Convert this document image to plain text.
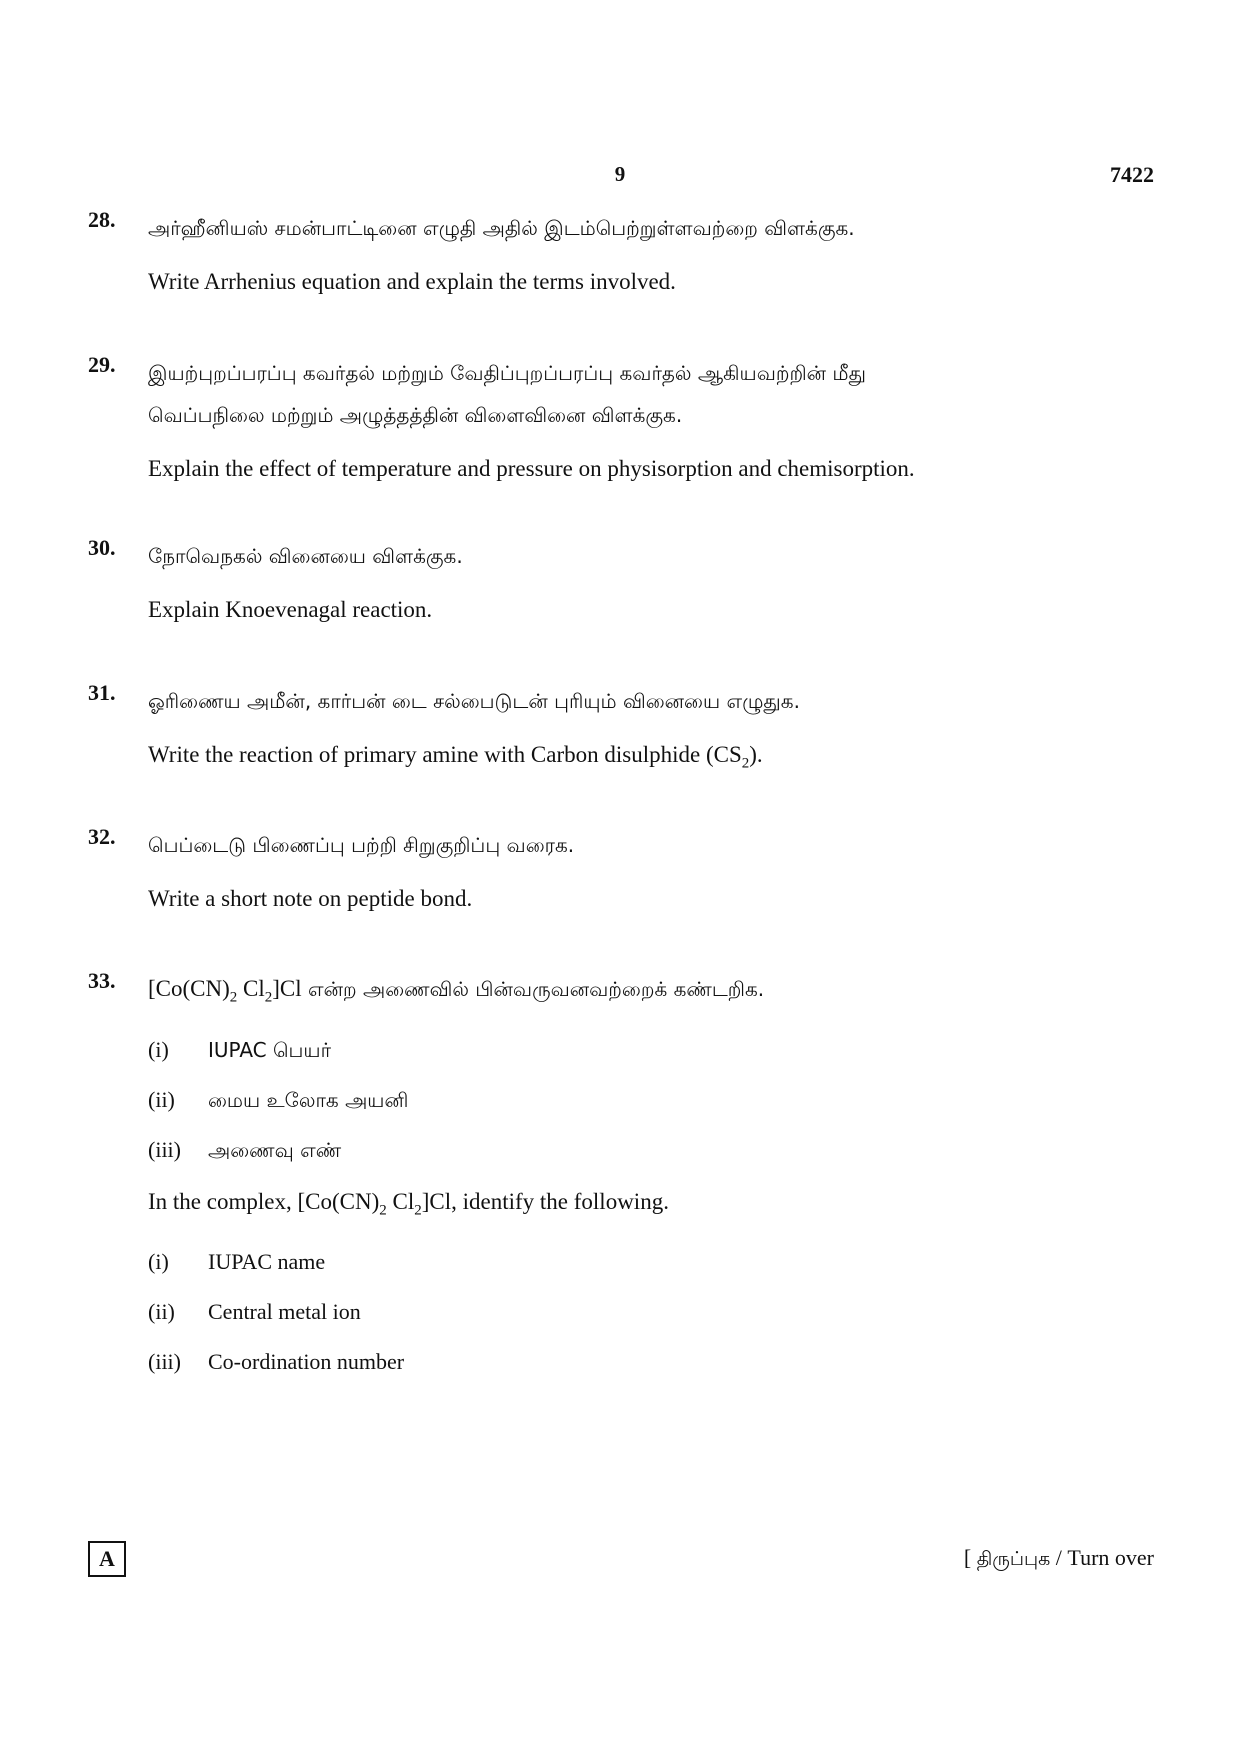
9	7422
28. அர்ஹீனியஸ் சமன்பாட்டினை எழுதி அதில் இடம்பெற்றுள்ளவற்றை விளக்குக.
Write Arrhenius equation and explain the terms involved.
29. இயற்புறப்பரப்பு கவர்தல் மற்றும் வேதிப்புறப்பரப்பு கவர்தல் ஆகியவற்றின் மீது
வெப்பநிலை மற்றும் அழுத்தத்தின் விளைவினை விளக்குக.
Explain the effect of temperature and pressure on physisorption and chemisorption.
30. நோவெநகல் வினையை விளக்குக.
Explain Knoevenagal reaction.
31. ஓரிணைய அமீன், கார்பன் டை சல்பைடுடன் புரியும் வினையை எழுதுக.
Write the reaction of primary amine with Carbon disulphide $(CS_2)$.
32. பெப்டைடு பிணைப்பு பற்றி சிறுகுறிப்பு வரைக.
Write a short note on peptide bond.
33. [$Co(CN)_2$ $Cl_2]Cl$ என்ற அணைவில் பின்வருவனவற்றைக் கண்டறிக.
(i)	IUPAC பெயர்
(ii)	மைய உலோக அயனி
(iii)	அணைவு எண்
In the complex, [$Co(CN)_2$ $Cl_2]Cl$, identify the following.
(i)	IUPAC name
(ii)	Central metal ion
(iii)	Co-ordination number
A	[ திருப்புக / Turn over
